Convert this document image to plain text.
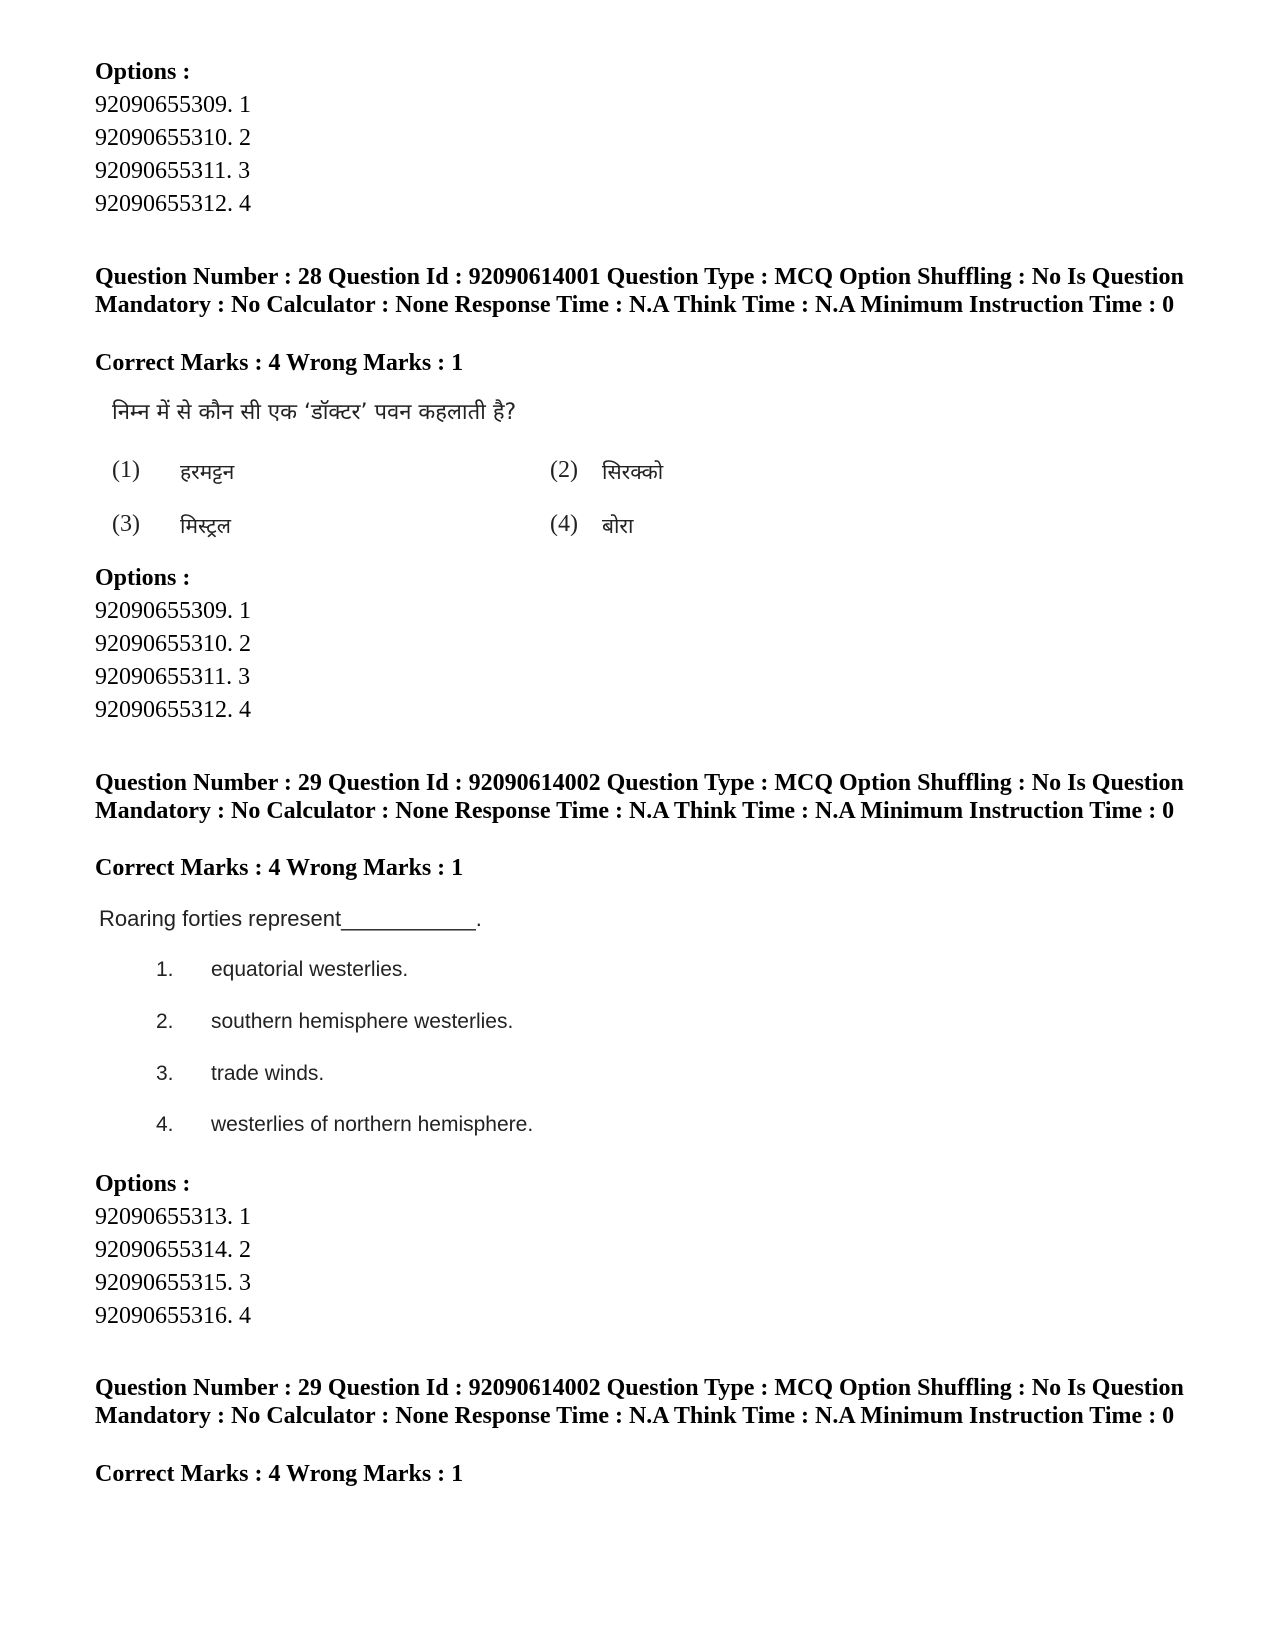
Options :
92090655309. 1
92090655310. 2
92090655311. 3
92090655312. 4
Question Number : 28 Question Id : 92090614001 Question Type : MCQ Option Shuffling : No Is Question Mandatory : No Calculator : None Response Time : N.A Think Time : N.A Minimum Instruction Time : 0
Correct Marks : 4 Wrong Marks : 1
निम्न में से कौन सी एक ‘डॉक्टर’ पवन कहलाती है?
(1) हरमट्टन	(2) सिरक्को
(3) मिस्ट्रल	(4) बोरा
Options :
92090655309. 1
92090655310. 2
92090655311. 3
92090655312. 4
Question Number : 29 Question Id : 92090614002 Question Type : MCQ Option Shuffling : No Is Question Mandatory : No Calculator : None Response Time : N.A Think Time : N.A Minimum Instruction Time : 0
Correct Marks : 4 Wrong Marks : 1
Roaring forties represent___________.
1. equatorial westerlies.
2. southern hemisphere westerlies.
3. trade winds.
4. westerlies of northern hemisphere.
Options :
92090655313. 1
92090655314. 2
92090655315. 3
92090655316. 4
Question Number : 29 Question Id : 92090614002 Question Type : MCQ Option Shuffling : No Is Question Mandatory : No Calculator : None Response Time : N.A Think Time : N.A Minimum Instruction Time : 0
Correct Marks : 4 Wrong Marks : 1
